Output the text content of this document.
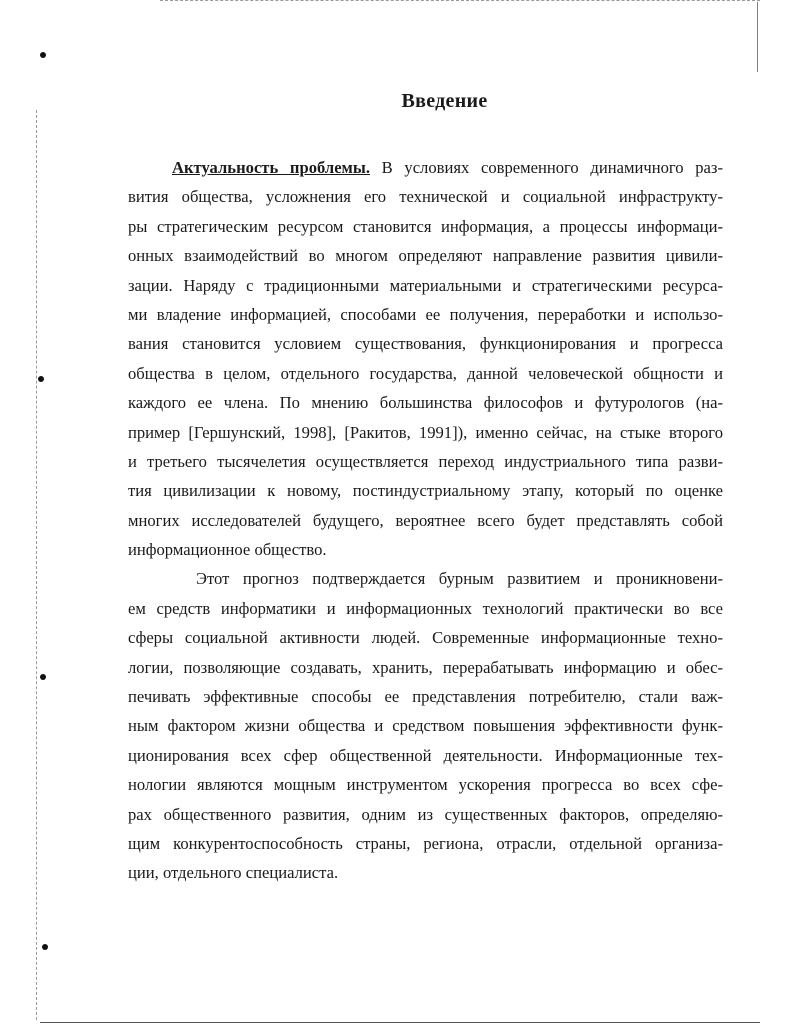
Введение
Актуальность проблемы. В условиях современного динамичного раз-
вития общества, усложнения его технической и социальной инфраструкту-
ры стратегическим ресурсом становится информация, а процессы информаци-
онных взаимодействий во многом определяют направление развития цивили-
зации. Наряду с традиционными материальными и стратегическими ресурса-
ми владение информацией, способами ее получения, переработки и использо-
вания становится условием существования, функционирования и прогресса
общества в целом, отдельного государства, данной человеческой общности и
каждого ее члена. По мнению большинства философов и футурологов (на-
пример [Гершунский, 1998], [Ракитов, 1991]), именно сейчас, на стыке второго
и третьего тысячелетия осуществляется переход индустриального типа разви-
тия цивилизации к новому, постиндустриальному этапу, который по оценке
многих исследователей будущего, вероятнее всего будет представлять собой
информационное общество.
Этот прогноз подтверждается бурным развитием и проникновени-
ем средств информатики и информационных технологий практически во все
сферы социальной активности людей. Современные информационные техно-
логии, позволяющие создавать, хранить, перерабатывать информацию и обес-
печивать эффективные способы ее представления потребителю, стали важ-
ным фактором жизни общества и средством повышения эффективности функ-
ционирования всех сфер общественной деятельности. Информационные тех-
нологии являются мощным инструментом ускорения прогресса во всех сфе-
рах общественного развития, одним из существенных факторов, определяю-
щим конкурентоспособность страны, региона, отрасли, отдельной организа-
ции, отдельного специалиста.
